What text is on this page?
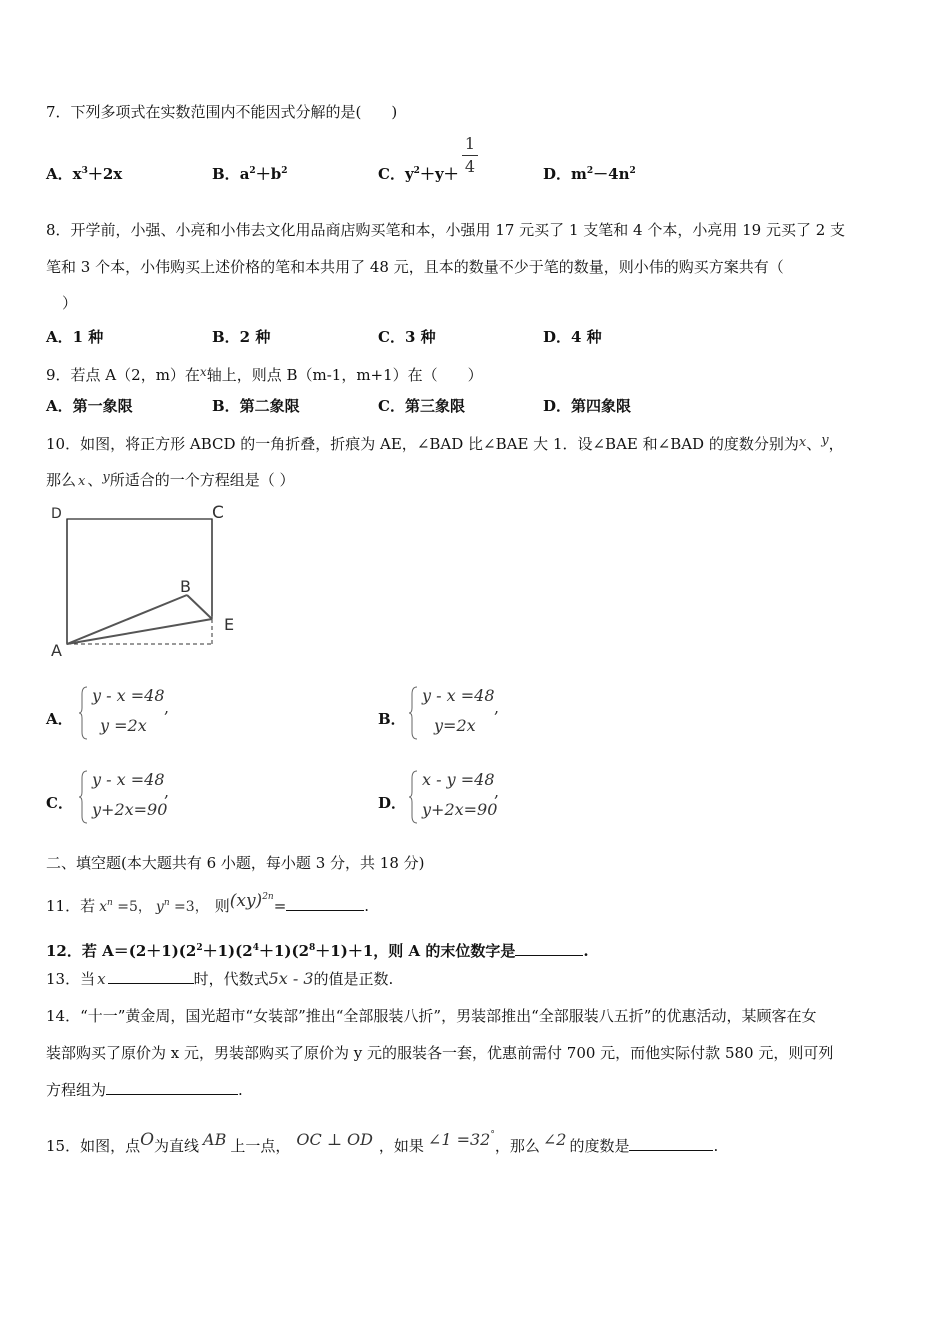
7．下列多项式在实数范围内不能因式分解的是(　　)
A．$x^3+2x$	B．$a^2+b^2$	C．$y^2+y+$
1
4	D．$m^2-4n^2$
8．开学前，小强、小亮和小伟去文化用品商店购买笔和本，小强用 17 元买了 1 支笔和 4 个本，小亮用 19 元买了 2 支
笔和 3 个本，小伟购买上述价格的笔和本共用了 48 元，且本的数量不少于笔的数量，则小伟的购买方案共有（
）
A．1 种	B．2 种	C．3 种	D．4 种
9．若点 A（2，m）在$^x$轴上，则点 B（m-1，m+1）在（　　）
A．第一象限	B．第二象限	C．第三象限	D．第四象限
10．如图，将正方形 ABCD 的一角折叠，折痕为 AE，∠BAD 比∠BAE 大 1．设∠BAE 和∠BAD 的度数分别为x、y，
那么 x 、y所适合的一个方程组是（ ）
D	C
B
E
A
A．
y - x =48
y =2x
,
B．
y - x =48
y=2x
,
C．
y - x =48
y+2x=90
,
D．
x - y =48
y+2x=90
,
二、填空题(本大题共有 6 小题，每小题 3 分，共 18 分)
11．若 $x^n =5$， $y^n =3$， 则(xy)$^{2n}$=	.
12．若 $A=(2+1)(2^2+1)(2^4+1)(2^8+1)+1$，则 A 的末位数字是	.
13．当 x	时，代数式5x - 3的值是正数.
14．“十一”黄金周，国光超市“女装部”推出“全部服装八折”，男装部推出“全部服装八五折”的优惠活动，某顾客在女
装部购买了原价为 x 元，男装部购买了原价为 y 元的服装各一套，优惠前需付 700 元，而他实际付款 580 元，则可列
方程组为	.
15．如图，点O为直线 AB 上一点， OC ⊥ OD ，如果 ∠1 =32°，那么 ∠2 的度数是	.
